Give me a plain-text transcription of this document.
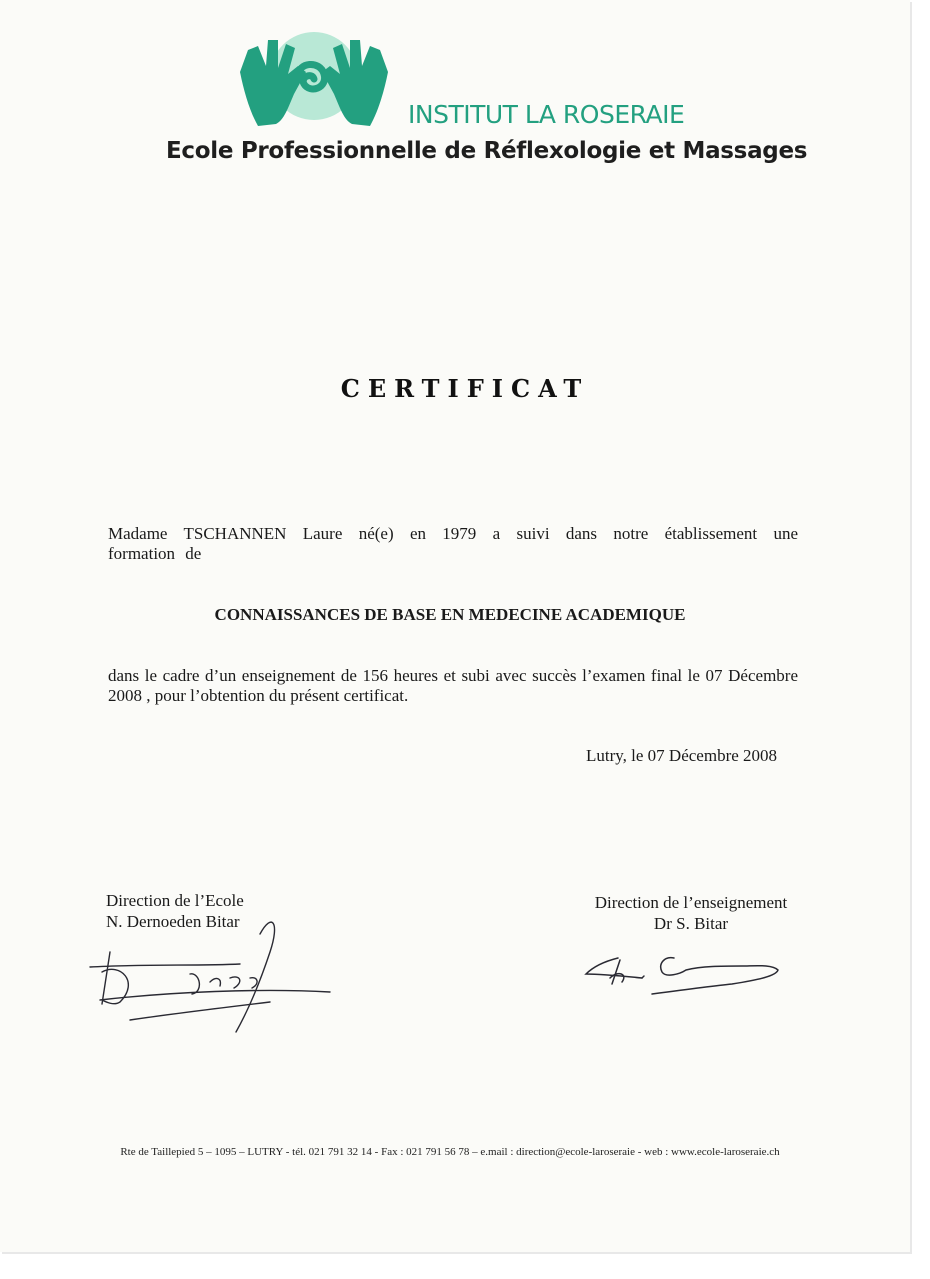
INSTITUT LA ROSERAIE
Ecole Professionnelle de Réflexologie et Massages
CERTIFICAT
Madame TSCHANNEN Laure né(e) en 1979 a suivi dans notre établissement une formation de
CONNAISSANCES DE BASE EN MEDECINE ACADEMIQUE
dans le cadre d’un enseignement de 156 heures et subi avec succès l’examen final le 07 Décembre 2008 , pour l’obtention du présent certificat.
Lutry, le 07 Décembre 2008
Direction de l’Ecole
N. Dernoeden Bitar
Direction de l’enseignement
Dr S. Bitar
Rte de Taillepied 5 – 1095 – LUTRY - tél. 021 791 32 14 - Fax : 021 791 56 78 – e.mail : direction@ecole-laroseraie - web : www.ecole-laroseraie.ch
